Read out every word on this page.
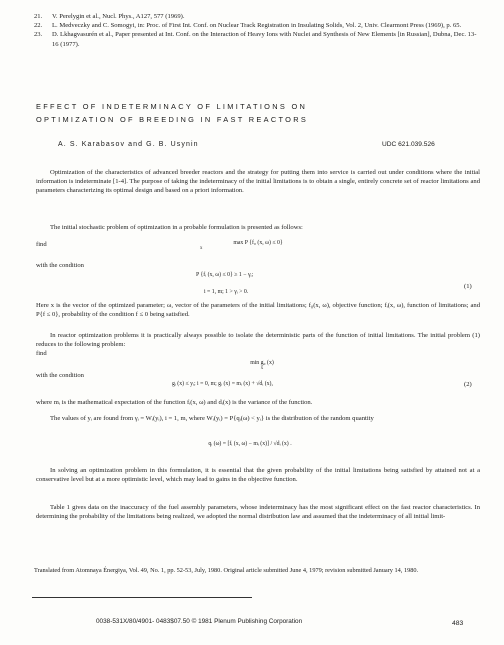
21.	V. Perelygin et al., Nucl. Phys., A127, 577 (1969).
22.	L. Medveczky and C. Somogyi, in: Proc. of First Int. Conf. on Nuclear Track Registration in Insulating Solids, Vol. 2, Univ. Clearmont Press (1969), p. 65.
23.	D. Lkhagvasurén et al., Paper presented at Int. Conf. on the Interaction of Heavy Ions with Nuclei and Synthesis of New Elements [in Russian], Dubna, Dec. 13-16 (1977).
EFFECT OF INDETERMINACY OF LIMITATIONS ON
OPTIMIZATION OF BREEDING IN FAST REACTORS
A. S. Karabasov and G. B. Usynin	UDC 621.039.526
Optimization of the characteristics of advanced breeder reactors and the strategy for putting them into service is carried out under conditions where the initial information is indeterminate [1-4]. The purpose of taking the indeterminacy of the initial limitations is to obtain a single, entirely concrete set of reactor limitations and parameters characterizing its optimal design and based on a priori information.
The initial stochastic problem of optimization in a probable formulation is presented as follows:
find	max P {f₀ (x, ω) ≤ 0}
x
with the condition
P {fᵢ (x, ω) ≤ 0} ≥ 1 − γᵢ;
i = 1, m; 1 > γᵢ > 0.
(1)
Here x is the vector of the optimized parameter; ω, vector of the parameters of the initial limitations; f₀(x, ω), objective function; fᵢ(x, ω), function of limitations; and P{f ≤ 0}, probability of the condition f ≤ 0 being satisfied.
In reactor optimization problems it is practically always possible to isolate the deterministic parts of the function of initial limitations. The initial problem (1) reduces to the following problem:
find
min g₀ (x)
x
with the condition
gᵢ (x) ≤ yᵢ; i = 0, m; gᵢ (x) = mᵢ (x) + √dᵢ (x),	(2)
where mᵢ is the mathematical expectation of the function fᵢ(x, ω) and dᵢ(x) is the variance of the function.
The values of yᵢ are found from γᵢ = Wᵢ(yᵢ), i = 1, m, where Wᵢ(yᵢ) = P{qᵢ(ω) < yᵢ} is the distribution of the random quantity
qᵢ (ω) = [fᵢ (x, ω) − mᵢ (x)] / √dᵢ (x) .
In solving an optimization problem in this formulation, it is essential that the given probability of the initial limitations being satisfied by attained not at a conservative level but at a more optimistic level, which may lead to gains in the objective function.
Table 1 gives data on the inaccuracy of the fuel assembly parameters, whose indeterminacy has the most significant effect on the fast reactor characteristics. In determining the probability of the limitations being realized, we adopted the normal distribution law and assumed that the indeterminacy of all initial limit-
Translated from Atomnaya Énergiya, Vol. 49, No. 1, pp. 52-53, July, 1980. Original article submitted June 4, 1979; revision submitted January 14, 1980.
0038-531X/80/4901- 0483$07.50 © 1981 Plenum Publishing Corporation	483
